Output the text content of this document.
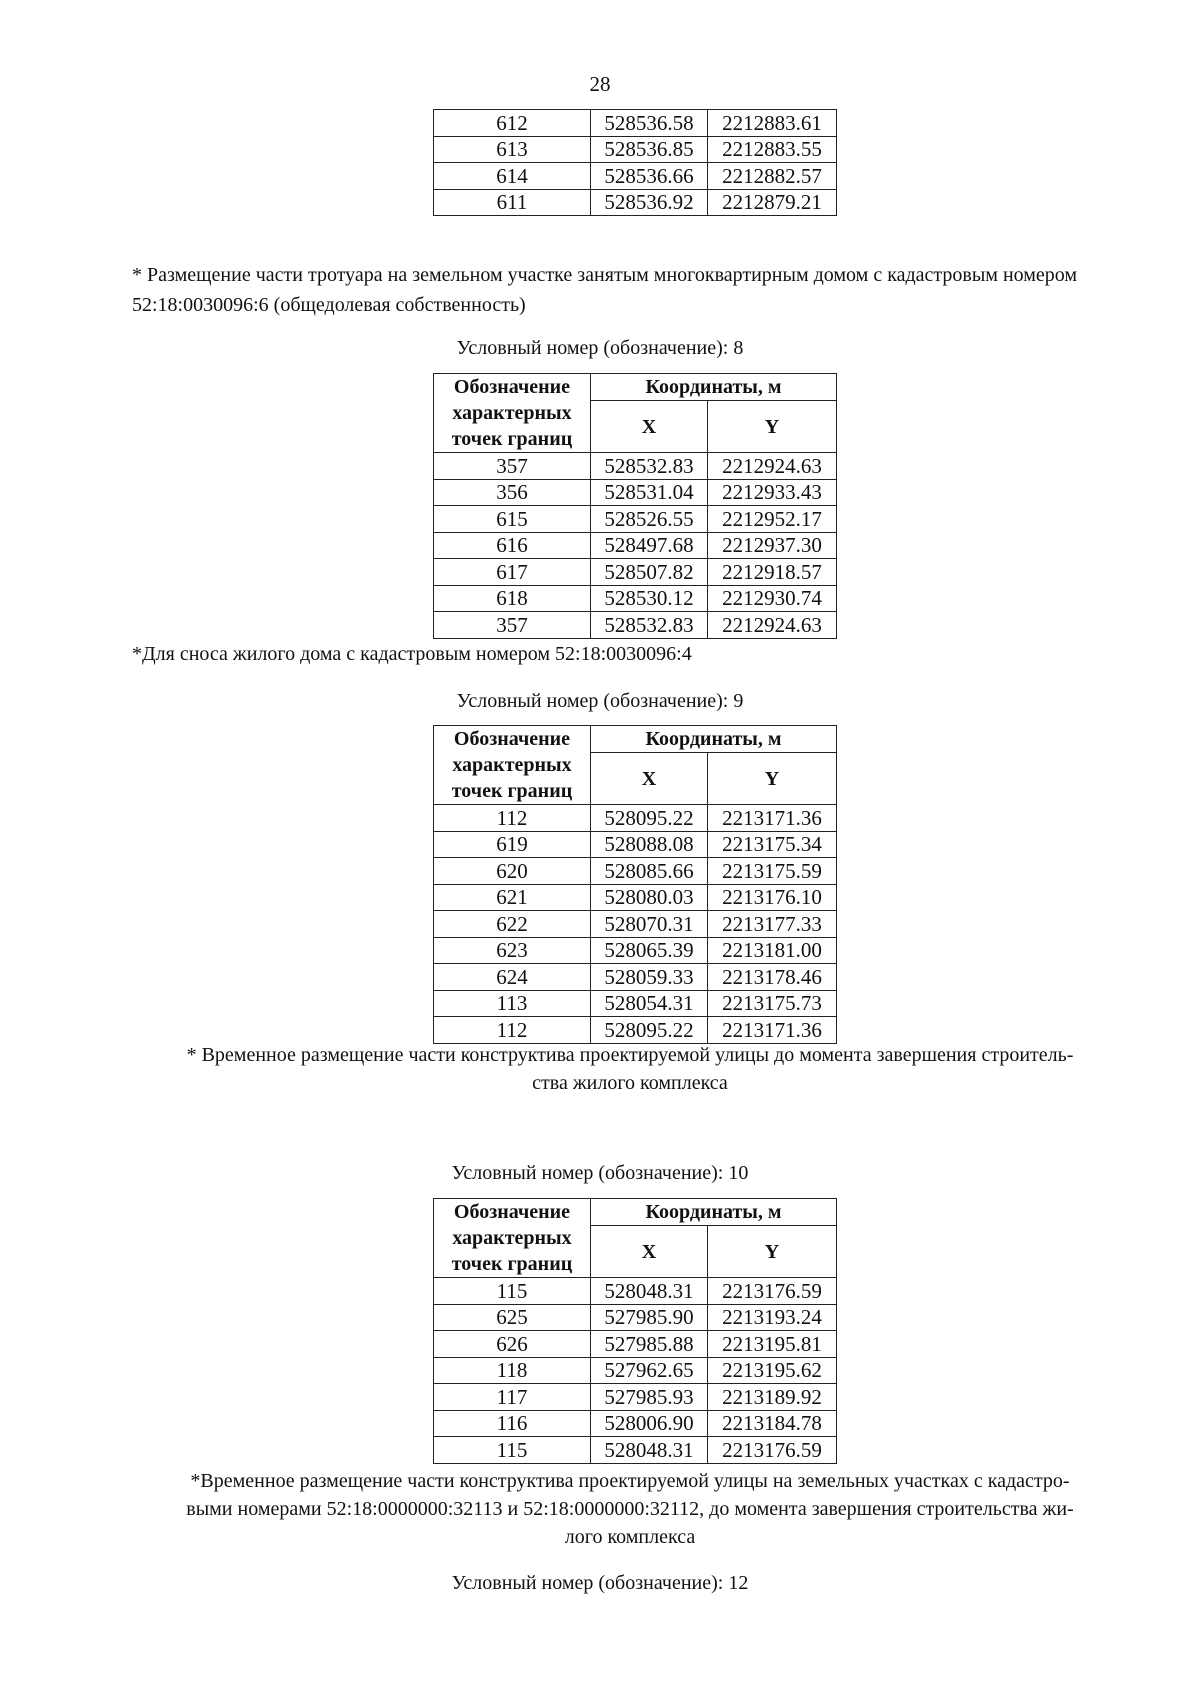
28
612	528536.58	2212883.61
613	528536.85	2212883.55
614	528536.66	2212882.57
611	528536.92	2212879.21
* Размещение части тротуара на земельном участке занятым многоквартирным домом с кадастровым номером 52:18:0030096:6 (общедолевая собственность)
Условный номер (обозначение): 8
Обозначение
характерных
точек границ	Координаты, м	
	X	Y
357	528532.83	2212924.63
356	528531.04	2212933.43
615	528526.55	2212952.17
616	528497.68	2212937.30
617	528507.82	2212918.57
618	528530.12	2212930.74
357	528532.83	2212924.63
*Для сноса жилого дома с кадастровым номером 52:18:0030096:4
Условный номер (обозначение): 9
Обозначение
характерных
точек границ	Координаты, м	
	X	Y
112	528095.22	2213171.36
619	528088.08	2213175.34
620	528085.66	2213175.59
621	528080.03	2213176.10
622	528070.31	2213177.33
623	528065.39	2213181.00
624	528059.33	2213178.46
113	528054.31	2213175.73
112	528095.22	2213171.36
* Временное размещение части конструктива проектируемой улицы до момента завершения строитель-
ства жилого комплекса
Условный номер (обозначение): 10
Обозначение
характерных
точек границ	Координаты, м	
	X	Y
115	528048.31	2213176.59
625	527985.90	2213193.24
626	527985.88	2213195.81
118	527962.65	2213195.62
117	527985.93	2213189.92
116	528006.90	2213184.78
115	528048.31	2213176.59
*Временное размещение части конструктива проектируемой улицы на земельных участках с кадастро-
выми номерами 52:18:0000000:32113 и 52:18:0000000:32112, до момента завершения строительства жи-
лого комплекса
Условный номер (обозначение): 12
